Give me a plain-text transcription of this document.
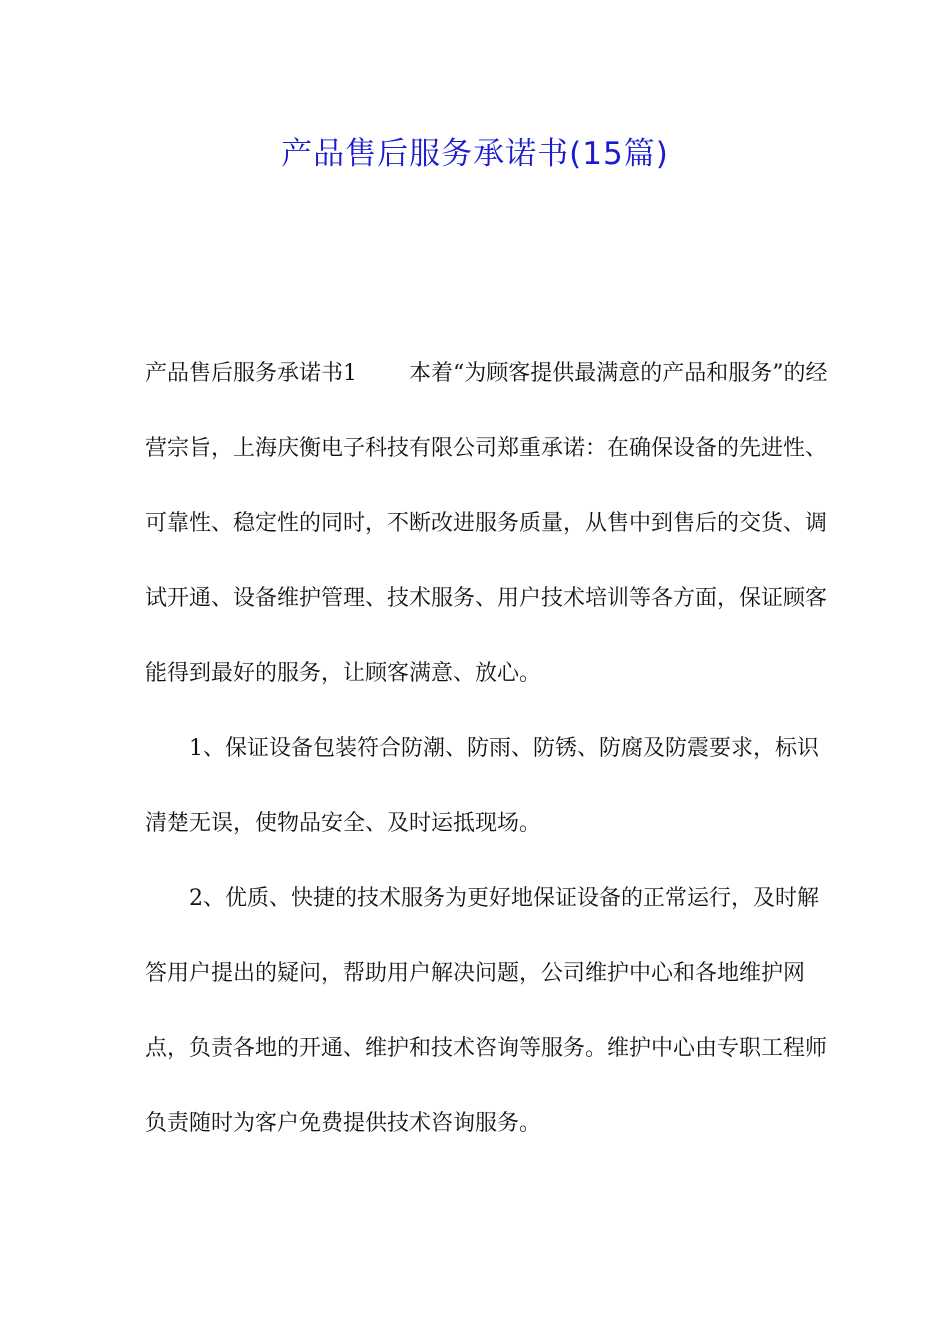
产品售后服务承诺书(15篇)

产品售后服务承诺书1 本着“为顾客提供最满意的产品和服务”的经营宗旨，上海庆衡电子科技有限公司郑重承诺：在确保设备的先进性、可靠性、稳定性的同时，不断改进服务质量，从售中到售后的交货、调试开通、设备维护管理、技术服务、用户技术培训等各方面，保证顾客能得到最好的服务，让顾客满意、放心。

1、保证设备包装符合防潮、防雨、防锈、防腐及防震要求，标识清楚无误，使物品安全、及时运抵现场。

2、优质、快捷的技术服务为更好地保证设备的正常运行，及时解答用户提出的疑问，帮助用户解决问题，公司维护中心和各地维护网点，负责各地的开通、维护和技术咨询等服务。维护中心由专职工程师负责随时为客户免费提供技术咨询服务。
